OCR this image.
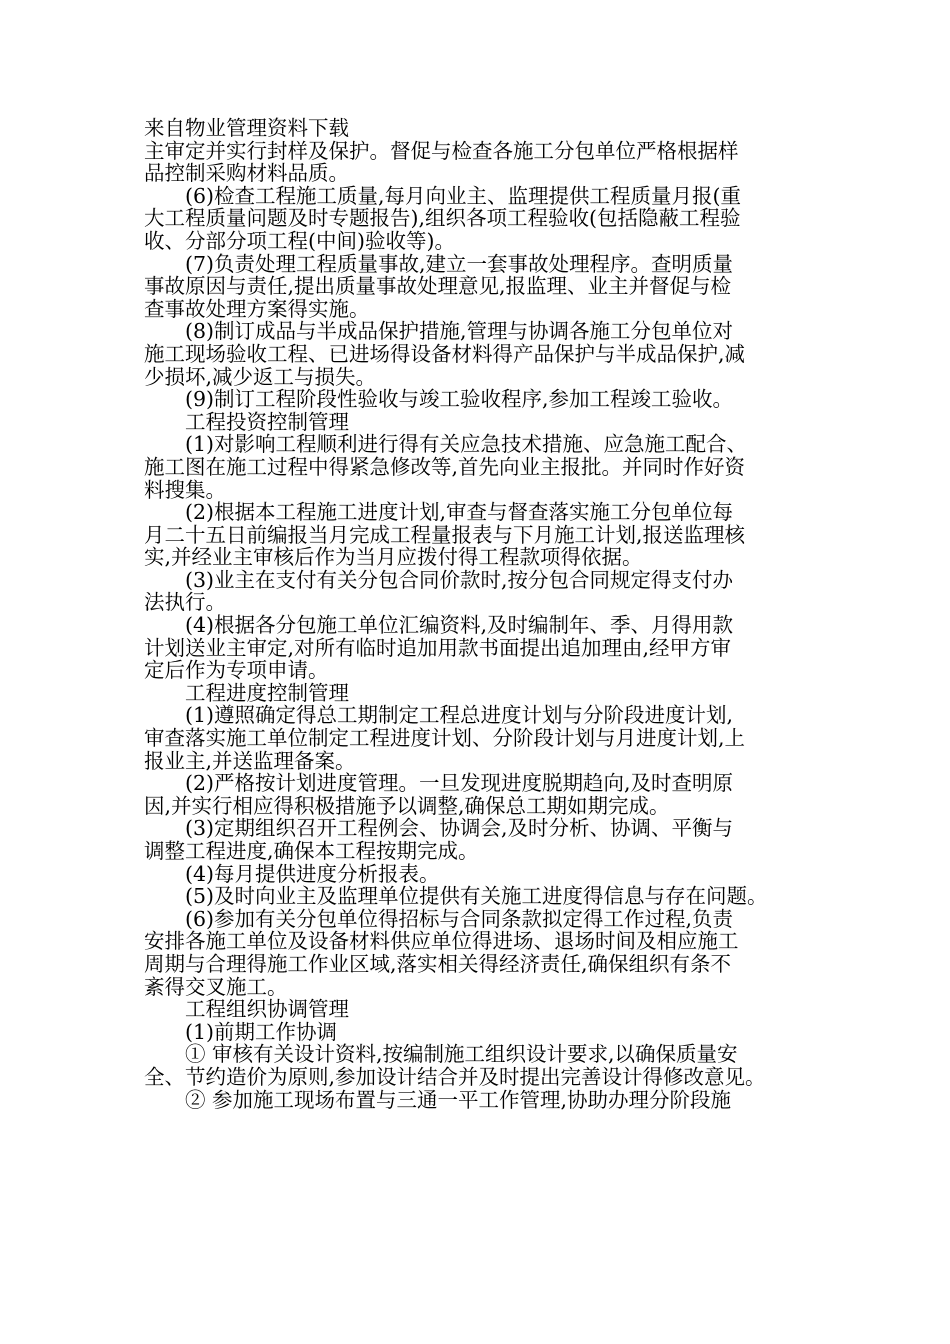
来自物业管理资料下载
主审定并实行封样及保护。督促与检查各施工分包单位严格根据样
品控制采购材料品质。
(6)检查工程施工质量,每月向业主、监理提供工程质量月报(重
大工程质量问题及时专题报告),组织各项工程验收(包括隐蔽工程验
收、分部分项工程(中间)验收等)。
(7)负责处理工程质量事故,建立一套事故处理程序。查明质量
事故原因与责任,提出质量事故处理意见,报监理、业主并督促与检
查事故处理方案得实施。
(8)制订成品与半成品保护措施,管理与协调各施工分包单位对
施工现场验收工程、已进场得设备材料得产品保护与半成品保护,减
少损坏,减少返工与损失。
(9)制订工程阶段性验收与竣工验收程序,参加工程竣工验收。
工程投资控制管理
(1)对影响工程顺利进行得有关应急技术措施、应急施工配合、
施工图在施工过程中得紧急修改等,首先向业主报批。并同时作好资
料搜集。
(2)根据本工程施工进度计划,审查与督查落实施工分包单位每
月二十五日前编报当月完成工程量报表与下月施工计划,报送监理核
实,并经业主审核后作为当月应拨付得工程款项得依据。
(3)业主在支付有关分包合同价款时,按分包合同规定得支付办
法执行。
(4)根据各分包施工单位汇编资料,及时编制年、季、月得用款
计划送业主审定,对所有临时追加用款书面提出追加理由,经甲方审
定后作为专项申请。
工程进度控制管理
(1)遵照确定得总工期制定工程总进度计划与分阶段进度计划,
审查落实施工单位制定工程进度计划、分阶段计划与月进度计划,上
报业主,并送监理备案。
(2)严格按计划进度管理。一旦发现进度脱期趋向,及时查明原
因,并实行相应得积极措施予以调整,确保总工期如期完成。
(3)定期组织召开工程例会、协调会,及时分析、协调、平衡与
调整工程进度,确保本工程按期完成。
(4)每月提供进度分析报表。
(5)及时向业主及监理单位提供有关施工进度得信息与存在问题。
(6)参加有关分包单位得招标与合同条款拟定得工作过程,负责
安排各施工单位及设备材料供应单位得进场、退场时间及相应施工
周期与合理得施工作业区域,落实相关得经济责任,确保组织有条不
紊得交叉施工。
工程组织协调管理
(1)前期工作协调
① 审核有关设计资料,按编制施工组织设计要求,以确保质量安
全、节约造价为原则,参加设计结合并及时提出完善设计得修改意见。
② 参加施工现场布置与三通一平工作管理,协助办理分阶段施
